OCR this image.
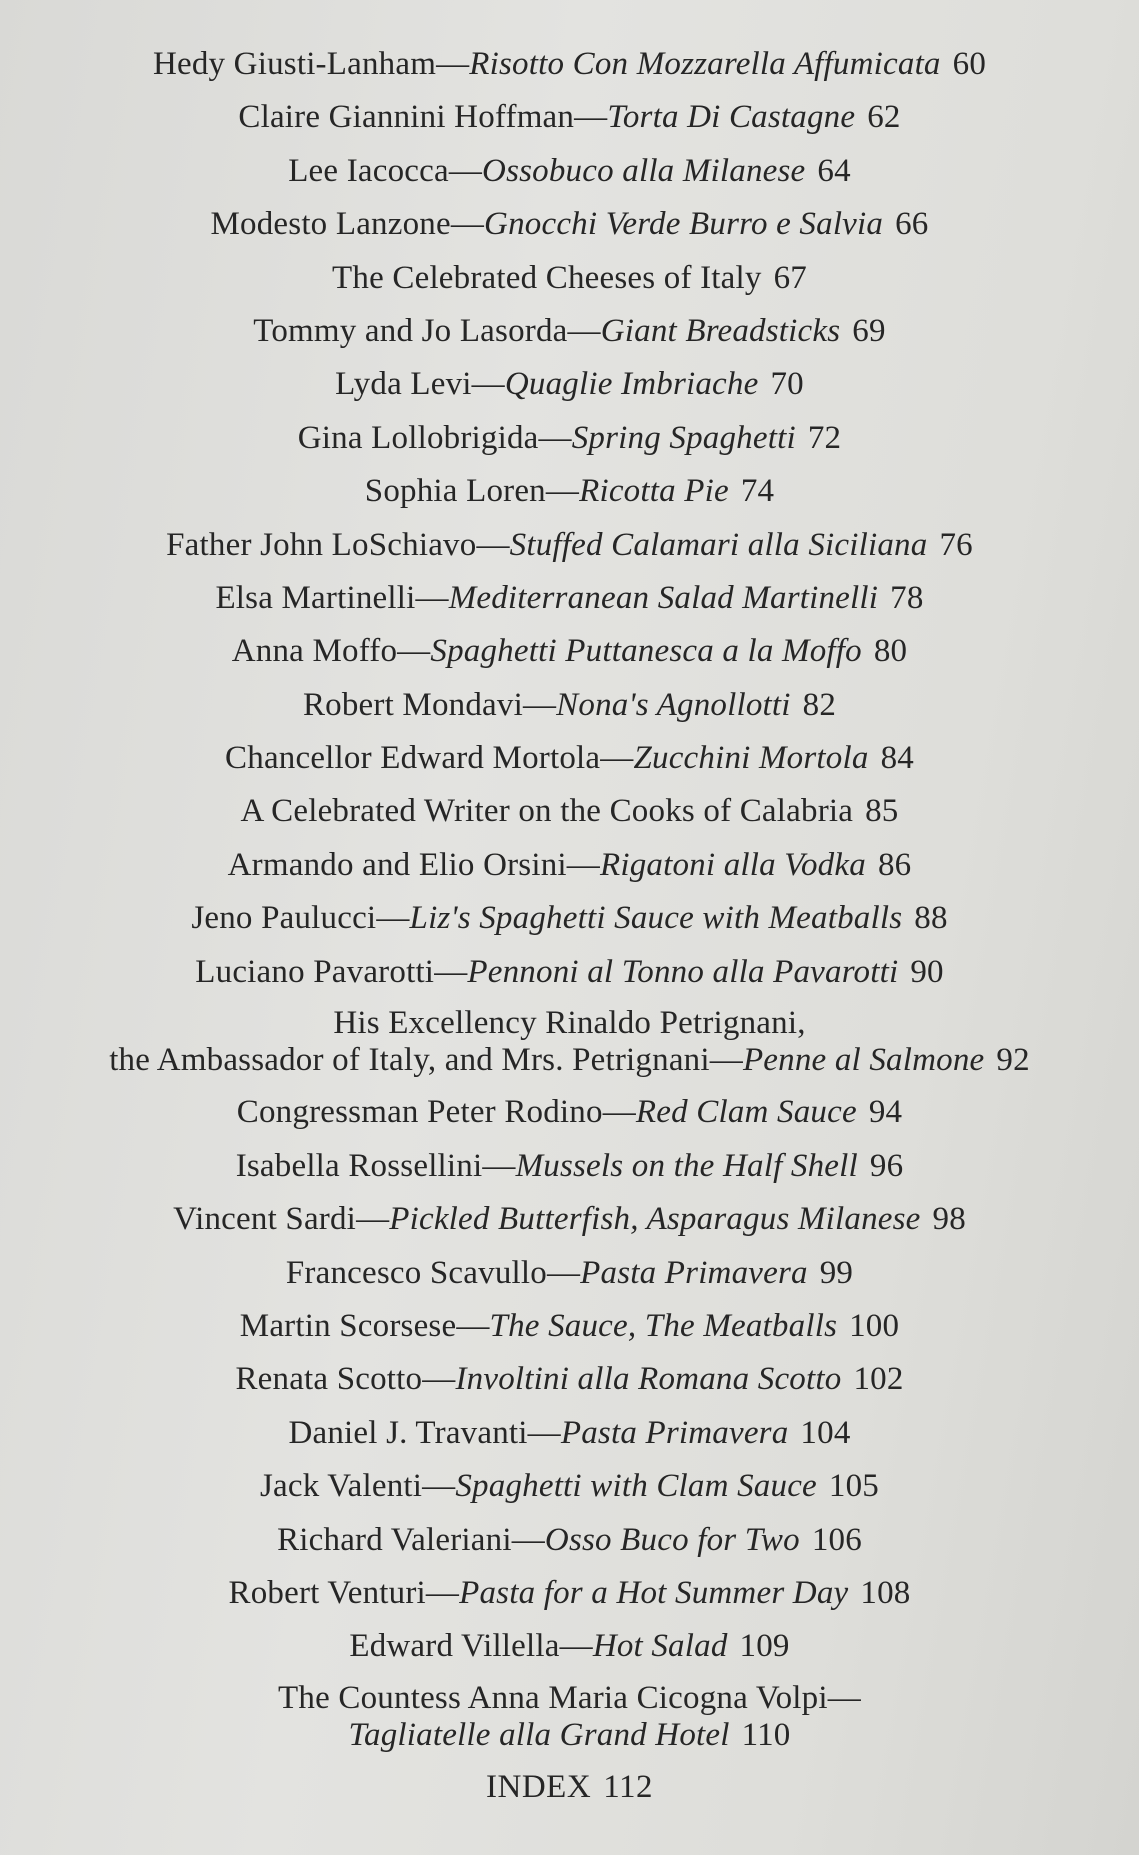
Hedy Giusti-Lanham—Risotto Con Mozzarella Affumicata 60
Claire Giannini Hoffman—Torta Di Castagne 62
Lee Iacocca—Ossobuco alla Milanese 64
Modesto Lanzone—Gnocchi Verde Burro e Salvia 66
The Celebrated Cheeses of Italy 67
Tommy and Jo Lasorda—Giant Breadsticks 69
Lyda Levi—Quaglie Imbriache 70
Gina Lollobrigida—Spring Spaghetti 72
Sophia Loren—Ricotta Pie 74
Father John LoSchiavo—Stuffed Calamari alla Siciliana 76
Elsa Martinelli—Mediterranean Salad Martinelli 78
Anna Moffo—Spaghetti Puttanesca a la Moffo 80
Robert Mondavi—Nona's Agnollotti 82
Chancellor Edward Mortola—Zucchini Mortola 84
A Celebrated Writer on the Cooks of Calabria 85
Armando and Elio Orsini—Rigatoni alla Vodka 86
Jeno Paulucci—Liz's Spaghetti Sauce with Meatballs 88
Luciano Pavarotti—Pennoni al Tonno alla Pavarotti 90
His Excellency Rinaldo Petrignani,
the Ambassador of Italy, and Mrs. Petrignani—Penne al Salmone 92
Congressman Peter Rodino—Red Clam Sauce 94
Isabella Rossellini—Mussels on the Half Shell 96
Vincent Sardi—Pickled Butterfish, Asparagus Milanese 98
Francesco Scavullo—Pasta Primavera 99
Martin Scorsese—The Sauce, The Meatballs 100
Renata Scotto—Involtini alla Romana Scotto 102
Daniel J. Travanti—Pasta Primavera 104
Jack Valenti—Spaghetti with Clam Sauce 105
Richard Valeriani—Osso Buco for Two 106
Robert Venturi—Pasta for a Hot Summer Day 108
Edward Villella—Hot Salad 109
The Countess Anna Maria Cicogna Volpi—
Tagliatelle alla Grand Hotel 110
INDEX 112
